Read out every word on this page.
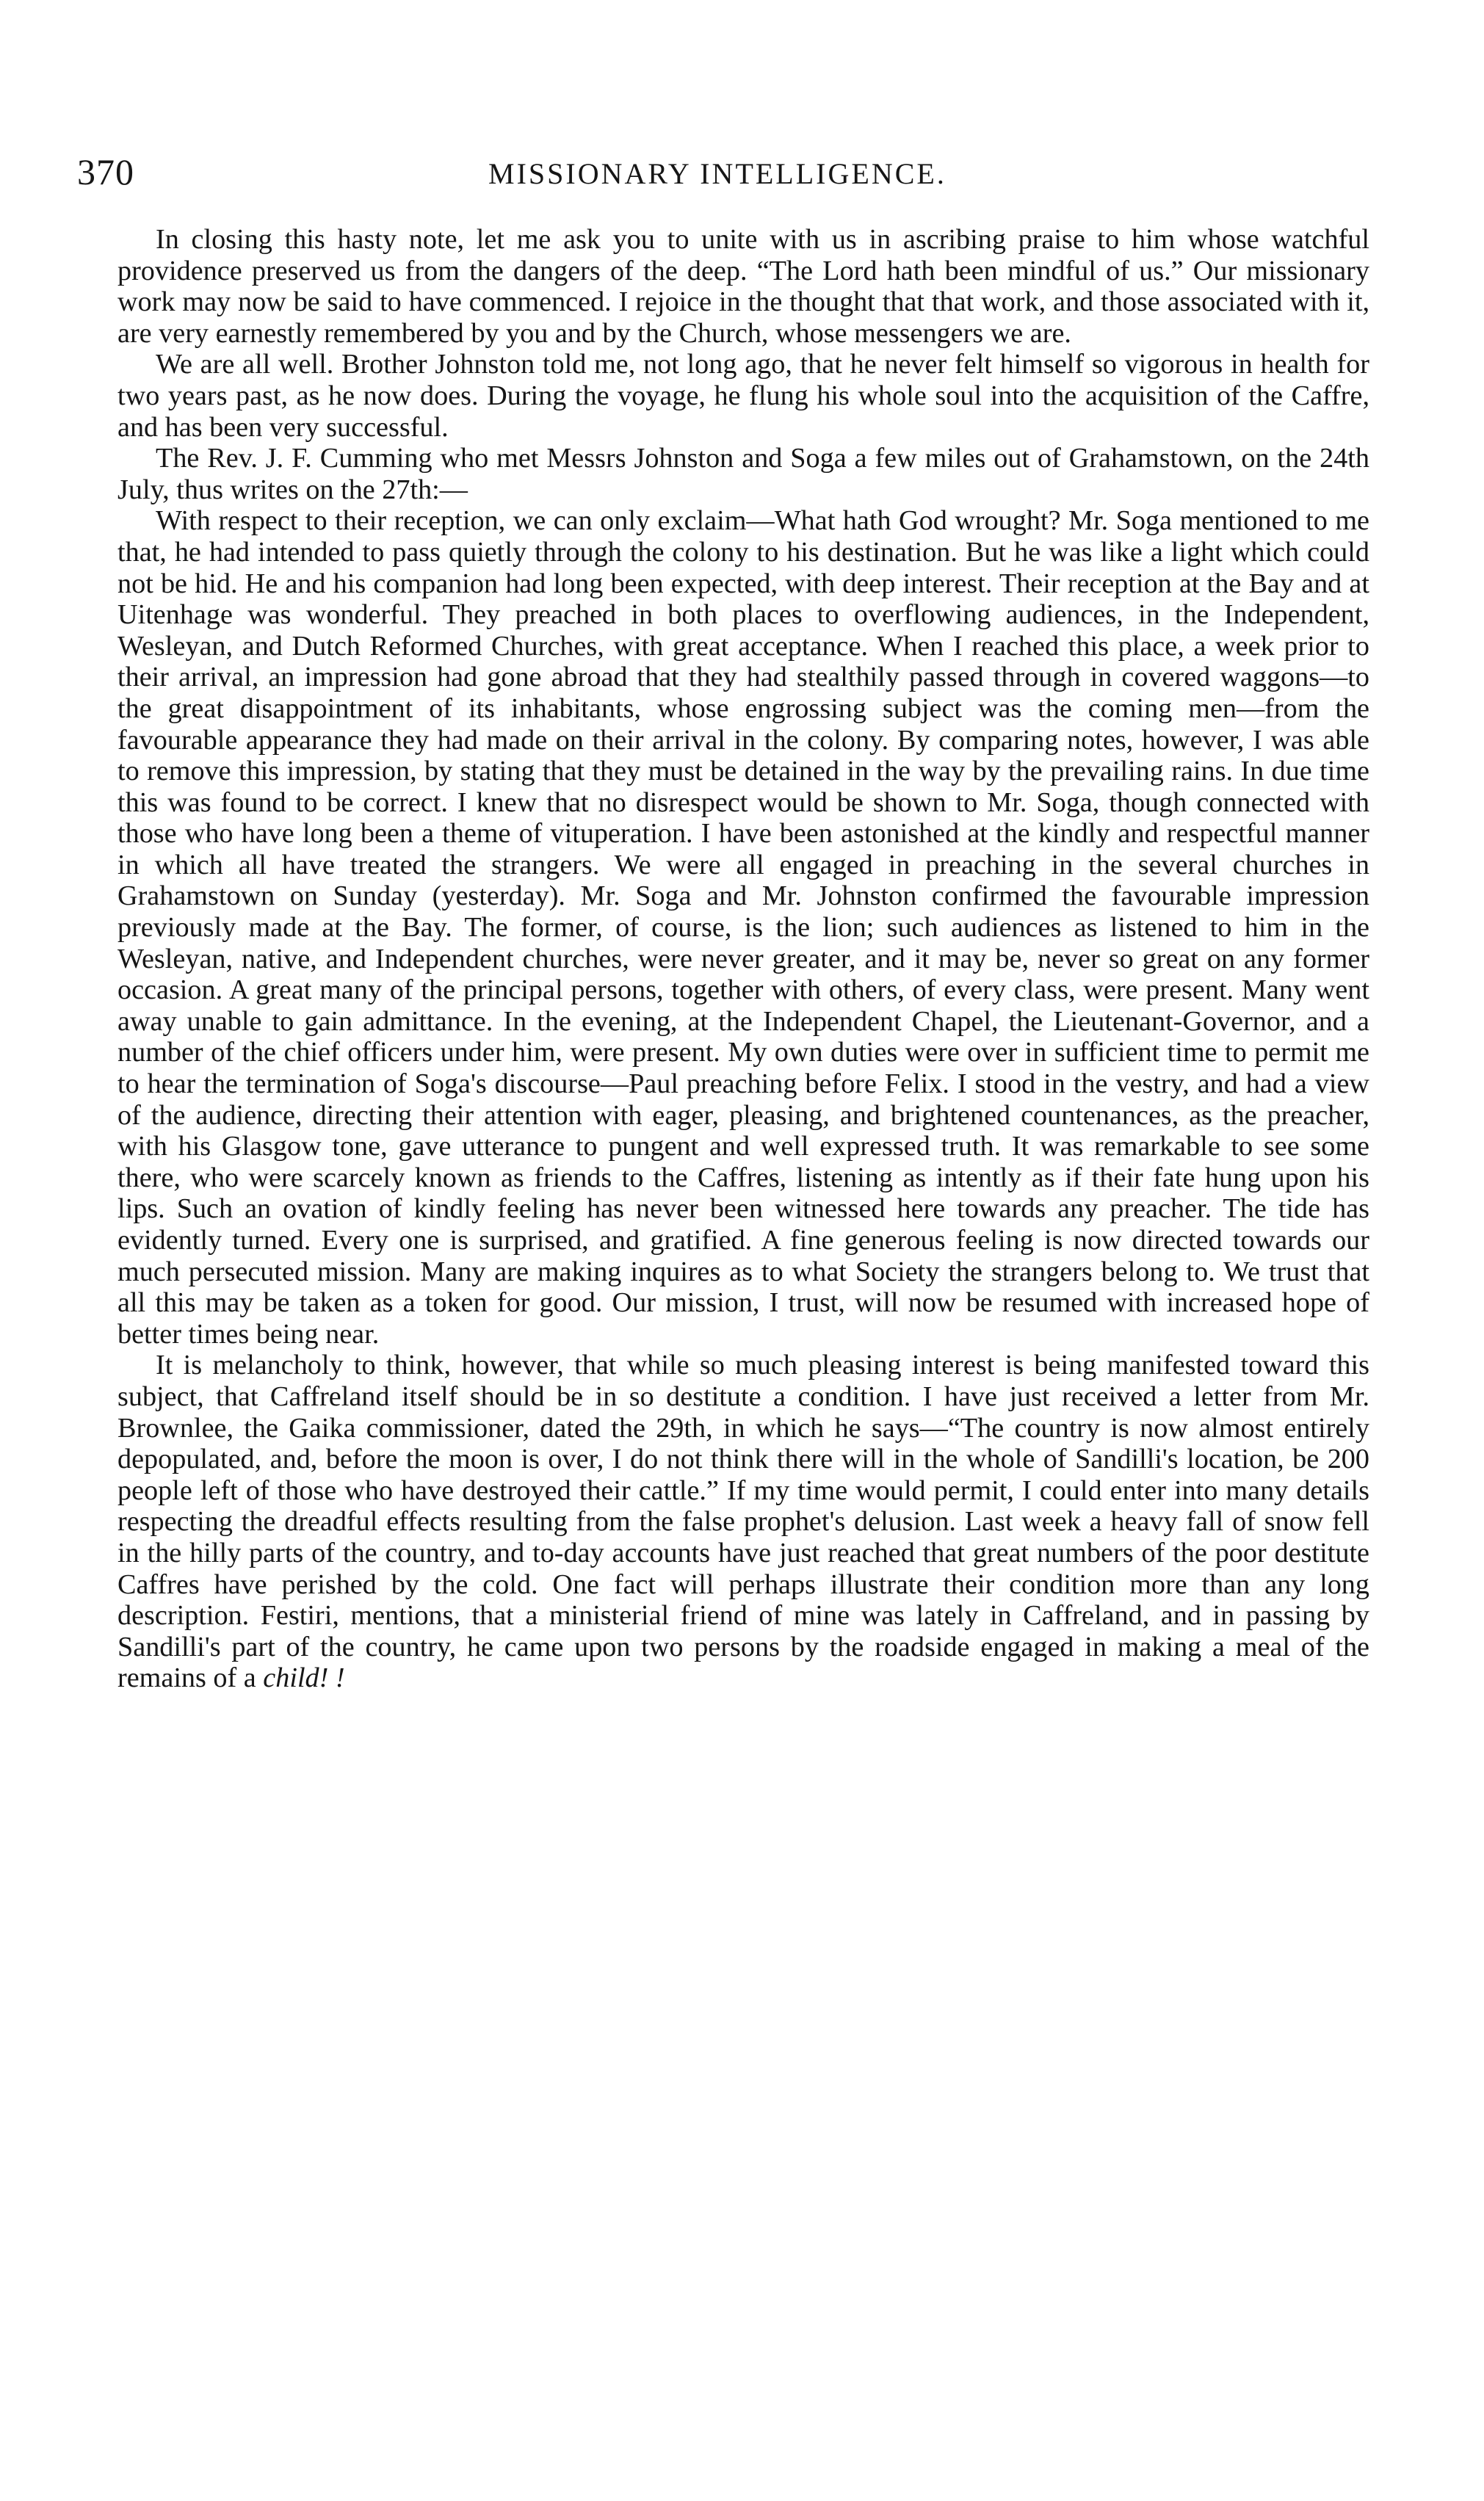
370	MISSIONARY INTELLIGENCE.

In closing this hasty note, let me ask you to unite with us in ascribing praise to him whose watchful providence preserved us from the dangers of the deep. “The Lord hath been mindful of us.” Our missionary work may now be said to have commenced. I rejoice in the thought that that work, and those associated with it, are very earnestly remembered by you and by the Church, whose messengers we are.

We are all well. Brother Johnston told me, not long ago, that he never felt himself so vigorous in health for two years past, as he now does. During the voyage, he flung his whole soul into the acquisition of the Caffre, and has been very successful.

The Rev. J. F. Cumming who met Messrs Johnston and Soga a few miles out of Grahamstown, on the 24th July, thus writes on the 27th:—

With respect to their reception, we can only exclaim—What hath God wrought? Mr. Soga mentioned to me that, he had intended to pass quietly through the colony to his destination. But he was like a light which could not be hid. He and his companion had long been expected, with deep interest. Their reception at the Bay and at Uitenhage was wonderful. They preached in both places to overflowing audiences, in the Independent, Wesleyan, and Dutch Reformed Churches, with great acceptance. When I reached this place, a week prior to their arrival, an impression had gone abroad that they had stealthily passed through in covered waggons—to the great disappointment of its inhabitants, whose engrossing subject was the coming men—from the favourable appearance they had made on their arrival in the colony. By comparing notes, however, I was able to remove this impression, by stating that they must be detained in the way by the prevailing rains. In due time this was found to be correct. I knew that no disrespect would be shown to Mr. Soga, though connected with those who have long been a theme of vituperation. I have been astonished at the kindly and respectful manner in which all have treated the strangers. We were all engaged in preaching in the several churches in Grahamstown on Sunday (yesterday). Mr. Soga and Mr. Johnston confirmed the favourable impression previously made at the Bay. The former, of course, is the lion; such audiences as listened to him in the Wesleyan, native, and Independent churches, were never greater, and it may be, never so great on any former occasion. A great many of the principal persons, together with others, of every class, were present. Many went away unable to gain admittance. In the evening, at the Independent Chapel, the Lieutenant-Governor, and a number of the chief officers under him, were present. My own duties were over in sufficient time to permit me to hear the termination of Soga's discourse—Paul preaching before Felix. I stood in the vestry, and had a view of the audience, directing their attention with eager, pleasing, and brightened countenances, as the preacher, with his Glasgow tone, gave utterance to pungent and well expressed truth. It was remarkable to see some there, who were scarcely known as friends to the Caffres, listening as intently as if their fate hung upon his lips. Such an ovation of kindly feeling has never been witnessed here towards any preacher. The tide has evidently turned. Every one is surprised, and gratified. A fine generous feeling is now directed towards our much persecuted mission. Many are making inquires as to what Society the strangers belong to. We trust that all this may be taken as a token for good. Our mission, I trust, will now be resumed with increased hope of better times being near.

It is melancholy to think, however, that while so much pleasing interest is being manifested toward this subject, that Caffreland itself should be in so destitute a condition. I have just received a letter from Mr. Brownlee, the Gaika commissioner, dated the 29th, in which he says—“The country is now almost entirely depopulated, and, before the moon is over, I do not think there will in the whole of Sandilli's location, be 200 people left of those who have destroyed their cattle.” If my time would permit, I could enter into many details respecting the dreadful effects resulting from the false prophet's delusion. Last week a heavy fall of snow fell in the hilly parts of the country, and to-day accounts have just reached that great numbers of the poor destitute Caffres have perished by the cold. One fact will perhaps illustrate their condition more than any long description. Festiri, mentions, that a ministerial friend of mine was lately in Caffreland, and in passing by Sandilli's part of the country, he came upon two persons by the roadside engaged in making a meal of the remains of a child! !
